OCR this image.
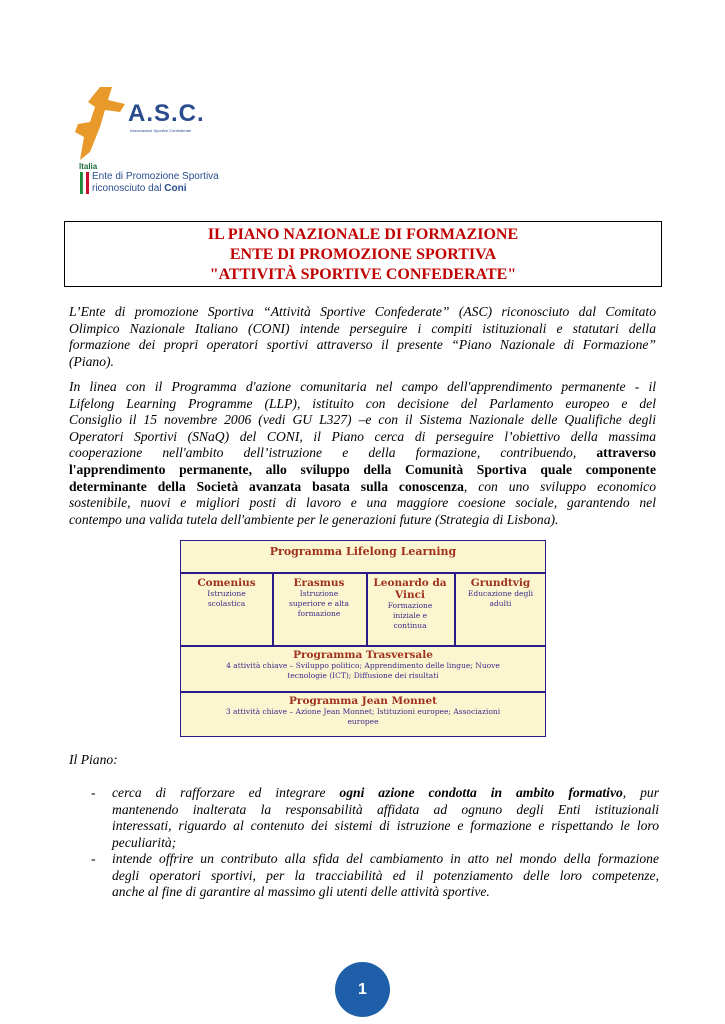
A.S.C.
Associazioni Sportive Confederate
Italia
Ente di Promozione Sportiva
riconosciuto dal Coni
IL PIANO NAZIONALE DI FORMAZIONE
ENTE DI PROMOZIONE SPORTIVA
"ATTIVITÀ SPORTIVE CONFEDERATE"
L’Ente di promozione Sportiva “Attività Sportive Confederate” (ASC) riconosciuto dal Comitato
Olimpico Nazionale Italiano (CONI) intende perseguire i compiti istituzionali e statutari della
formazione dei propri operatori sportivi attraverso il presente “Piano Nazionale di Formazione”
(Piano).
In linea con il Programma d'azione comunitaria nel campo dell'apprendimento permanente - il
Lifelong Learning Programme (LLP), istituito con decisione del Parlamento europeo e del
Consiglio il 15 novembre 2006 (vedi GU L327) –e con il Sistema Nazionale delle Qualifiche degli
Operatori Sportivi (SNaQ) del CONI, il Piano cerca di perseguire l’obiettivo della massima
cooperazione nell'ambito dell’istruzione e della formazione, contribuendo, attraverso
l'apprendimento permanente, allo sviluppo della Comunità Sportiva quale componente
determinante della Società avanzata basata sulla conoscenza, con uno sviluppo economico
sostenibile, nuovi e migliori posti di lavoro e una maggiore coesione sociale, garantendo nel
contempo una valida tutela dell'ambiente per le generazioni future (Strategia di Lisbona).
Programma Lifelong Learning
Comenius
Istruzione
scolastica
Erasmus
Istruzione
superiore e alta
formazione
Leonardo da Vinci
Formazione
iniziale e
continua
Grundtvig
Educazione degli
adulti
Programma Trasversale
4 attività chiave – Sviluppo politico; Apprendimento delle lingue; Nuove
tecnologie (ICT); Diffusione dei risultati
Programma Jean Monnet
3 attività chiave – Azione Jean Monnet; Istituzioni europee; Associazioni
europee
Il Piano:
- cerca di rafforzare ed integrare ogni azione condotta in ambito formativo, pur
mantenendo inalterata la responsabilità affidata ad ognuno degli Enti istituzionali
interessati, riguardo al contenuto dei sistemi di istruzione e formazione e rispettando le loro
peculiarità;
- intende offrire un contributo alla sfida del cambiamento in atto nel mondo della formazione
degli operatori sportivi, per la tracciabilità ed il potenziamento delle loro competenze,
anche al fine di garantire al massimo gli utenti delle attività sportive.
1
